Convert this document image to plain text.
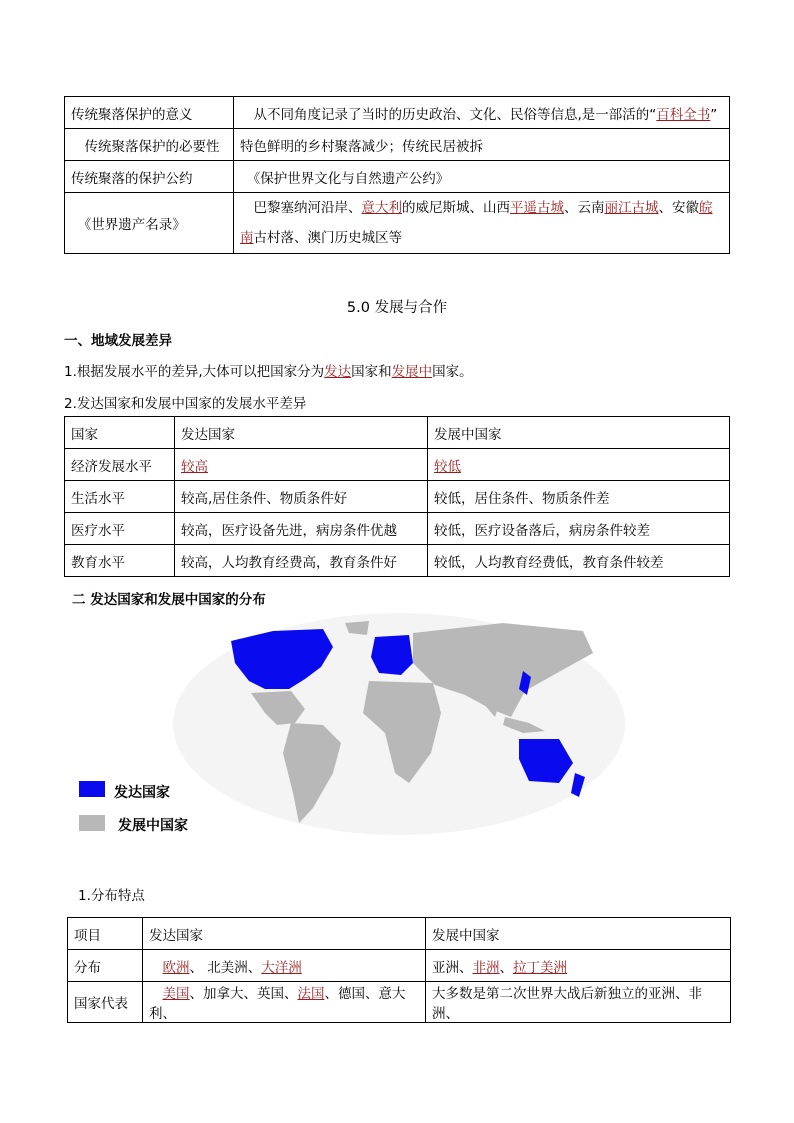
传统聚落保护的意义	　从不同角度记录了当时的历史政治、文化、民俗等信息,是一部活的“百科全书”
　传统聚落保护的必要性	特色鲜明的乡村聚落减少；传统民居被拆
传统聚落的保护公约	　《保护世界文化与自然遗产公约》
　《世界遗产名录》	　巴黎塞纳河沿岸、意大利的威尼斯城、山西平遥古城、云南丽江古城、安徽皖
南古村落、澳门历史城区等
5.0 发展与合作
一、地域发展差异
1.根据发展水平的差异,大体可以把国家分为发达国家和发展中国家。
2.发达国家和发展中国家的发展水平差异
国家	发达国家	发展中国家
经济发展水平	较高	较低
生活水平	较高,居住条件、物质条件好	较低，居住条件、物质条件差
医疗水平	较高，医疗设备先进，病房条件优越	较低，医疗设备落后，病房条件较差
教育水平	较高，人均教育经费高，教育条件好	较低，人均教育经费低，教育条件较差
二 发达国家和发展中国家的分布
发达国家
发展中国家
1.分布特点
项目	发达国家	发展中国家
分布	　欧洲、 北美洲、大洋洲	亚洲、非洲、拉丁美洲
国家代表	　美国、加拿大、英国、法国、德国、意大利、	大多数是第二次世界大战后新独立的亚洲、非洲、
